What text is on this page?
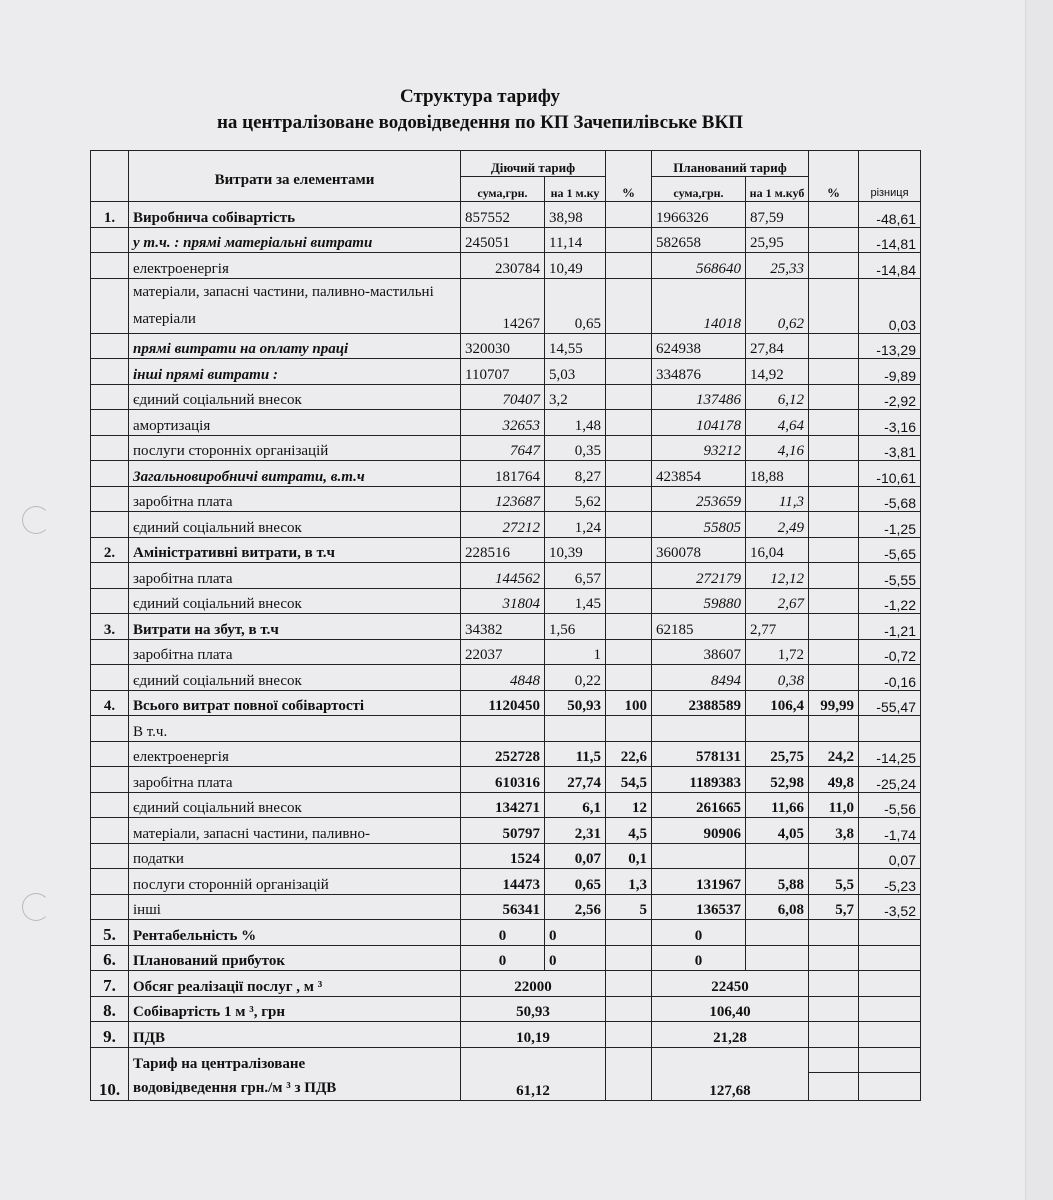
Структура тарифу
на централізоване водовідведення по КП Зачепилівське ВКП
	Витрати за елементами	Діючий тариф		%	Планований тариф		%	різниця
		сума,грн.	на 1 м.ку		сума,грн.	на 1 м.куб		
1.	Виробнича собівартість	857552	38,98		1966326	87,59		-48,61
	у т.ч. : прямі матеріальні витрати	245051	11,14		582658	25,95		-14,81
	електроенергія	230784	10,49		568640	25,33		-14,84
	матеріали, запасні частини, паливно-мастильні матеріали	14267	0,65		14018	0,62		0,03
	прямі витрати на оплату праці	320030	14,55		624938	27,84		-13,29
	інші прямі витрати :	110707	5,03		334876	14,92		-9,89
	єдиний соціальний внесок	70407	3,2		137486	6,12		-2,92
	амортизація	32653	1,48		104178	4,64		-3,16
	послуги сторонніх організацій	7647	0,35		93212	4,16		-3,81
	Загальновиробничі витрати, в.т.ч	181764	8,27		423854	18,88		-10,61
	заробітна плата	123687	5,62		253659	11,3		-5,68
	єдиний соціальний внесок	27212	1,24		55805	2,49		-1,25
2.	Аміністративні витрати, в т.ч	228516	10,39		360078	16,04		-5,65
	заробітна плата	144562	6,57		272179	12,12		-5,55
	єдиний соціальний внесок	31804	1,45		59880	2,67		-1,22
3.	Витрати на збут, в т.ч	34382	1,56		62185	2,77		-1,21
	заробітна плата	22037	1		38607	1,72		-0,72
	єдиний соціальний внесок	4848	0,22		8494	0,38		-0,16
4.	Всього витрат повної собівартості	1120450	50,93	100	2388589	106,4	99,99	-55,47
	В т.ч.							
	електроенергія	252728	11,5	22,6	578131	25,75	24,2	-14,25
	заробітна плата	610316	27,74	54,5	1189383	52,98	49,8	-25,24
	єдиний соціальний внесок	134271	6,1	12	261665	11,66	11,0	-5,56
	матеріали, запасні частини, паливно-	50797	2,31	4,5	90906	4,05	3,8	-1,74
	податки	1524	0,07	0,1				0,07
	послуги сторонній організацій	14473	0,65	1,3	131967	5,88	5,5	-5,23
	інші	56341	2,56	5	136537	6,08	5,7	-3,52
5.	Рентабельність %	0	0		0			
6.	Планований прибуток	0	0		0			
7.	Обсяг реалізації послуг , м ³	22000			22450			
8.	Собівартість 1 м ³, грн	50,93			106,40			
9.	ПДВ	10,19			21,28			
10.	Тариф на централізоване
водовідведення грн./м ³ з ПДВ	61,12			127,68		
